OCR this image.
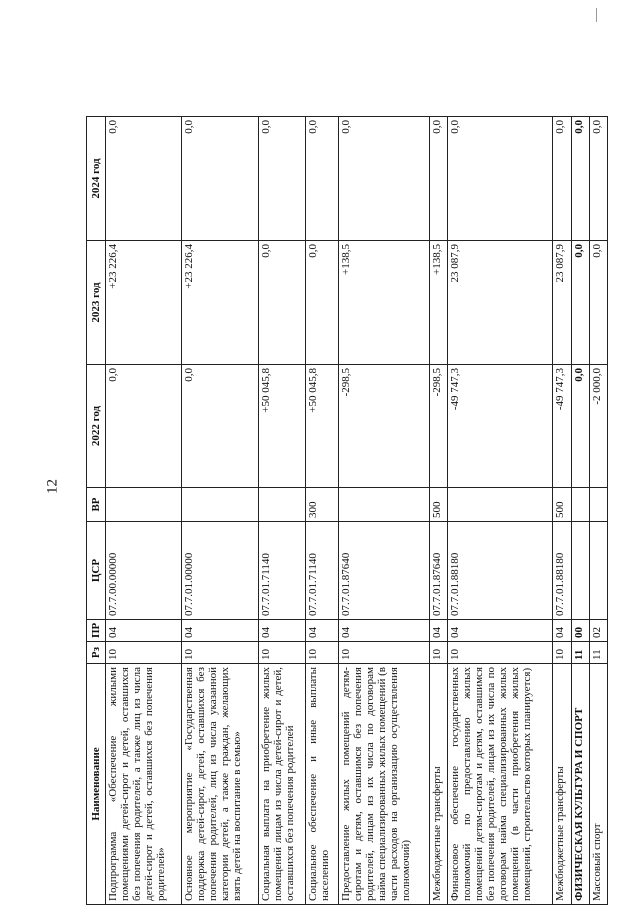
12
Наименование	Рз	ПР	ЦСР	ВР	2022 год	2023 год	2024 год
Подпрограмма «Обеспечение жилыми помещениями детей-сирот и детей, оставшихся без попечения родителей, а также лиц из числа детей-сирот и детей, оставшихся без попечения родителей»	10	04	07.7.00.00000		0,0	+23 226,4	0,0
Основное мероприятие «Государственная поддержка детей-сирот, детей, оставшихся без попечения родителей, лиц из числа указанной категории детей, а также граждан, желающих взять детей на воспитание в семью»	10	04	07.7.01.00000		0,0	+23 226,4	0,0
Социальная выплата на приобретение жилых помещений лицам из числа детей-сирот и детей, оставшихся без попечения родителей	10	04	07.7.01.71140		+50 045,8	0,0	0,0
Социальное обеспечение и иные выплаты населению	10	04	07.7.01.71140	300	+50 045,8	0,0	0,0
Предоставление жилых помещений детям-сиротам и детям, оставшимся без попечения родителей, лицам из их числа по договорам найма специализированных жилых помещений (в части расходов на организацию осуществления полномочий)	10	04	07.7.01.87640		-298,5	+138,5	0,0
Межбюджетные трансферты	10	04	07.7.01.87640	500	-298,5	+138,5	0,0
Финансовое обеспечение государственных полномочий по предоставлению жилых помещений детям-сиротам и детям, оставшимся без попечения родителей, лицам из их числа по договорам найма специализированных жилых помещений (в части приобретения жилых помещений, строительство которых планируется)	10	04	07.7.01.88180		-49 747,3	23 087,9	0,0
Межбюджетные трансферты	10	04	07.7.01.88180	500	-49 747,3	23 087,9	0,0
ФИЗИЧЕСКАЯ КУЛЬТУРА И СПОРТ	11	00			0,0	0,0	0,0
Массовый спорт	11	02			-2 000,0	0,0	0,0
